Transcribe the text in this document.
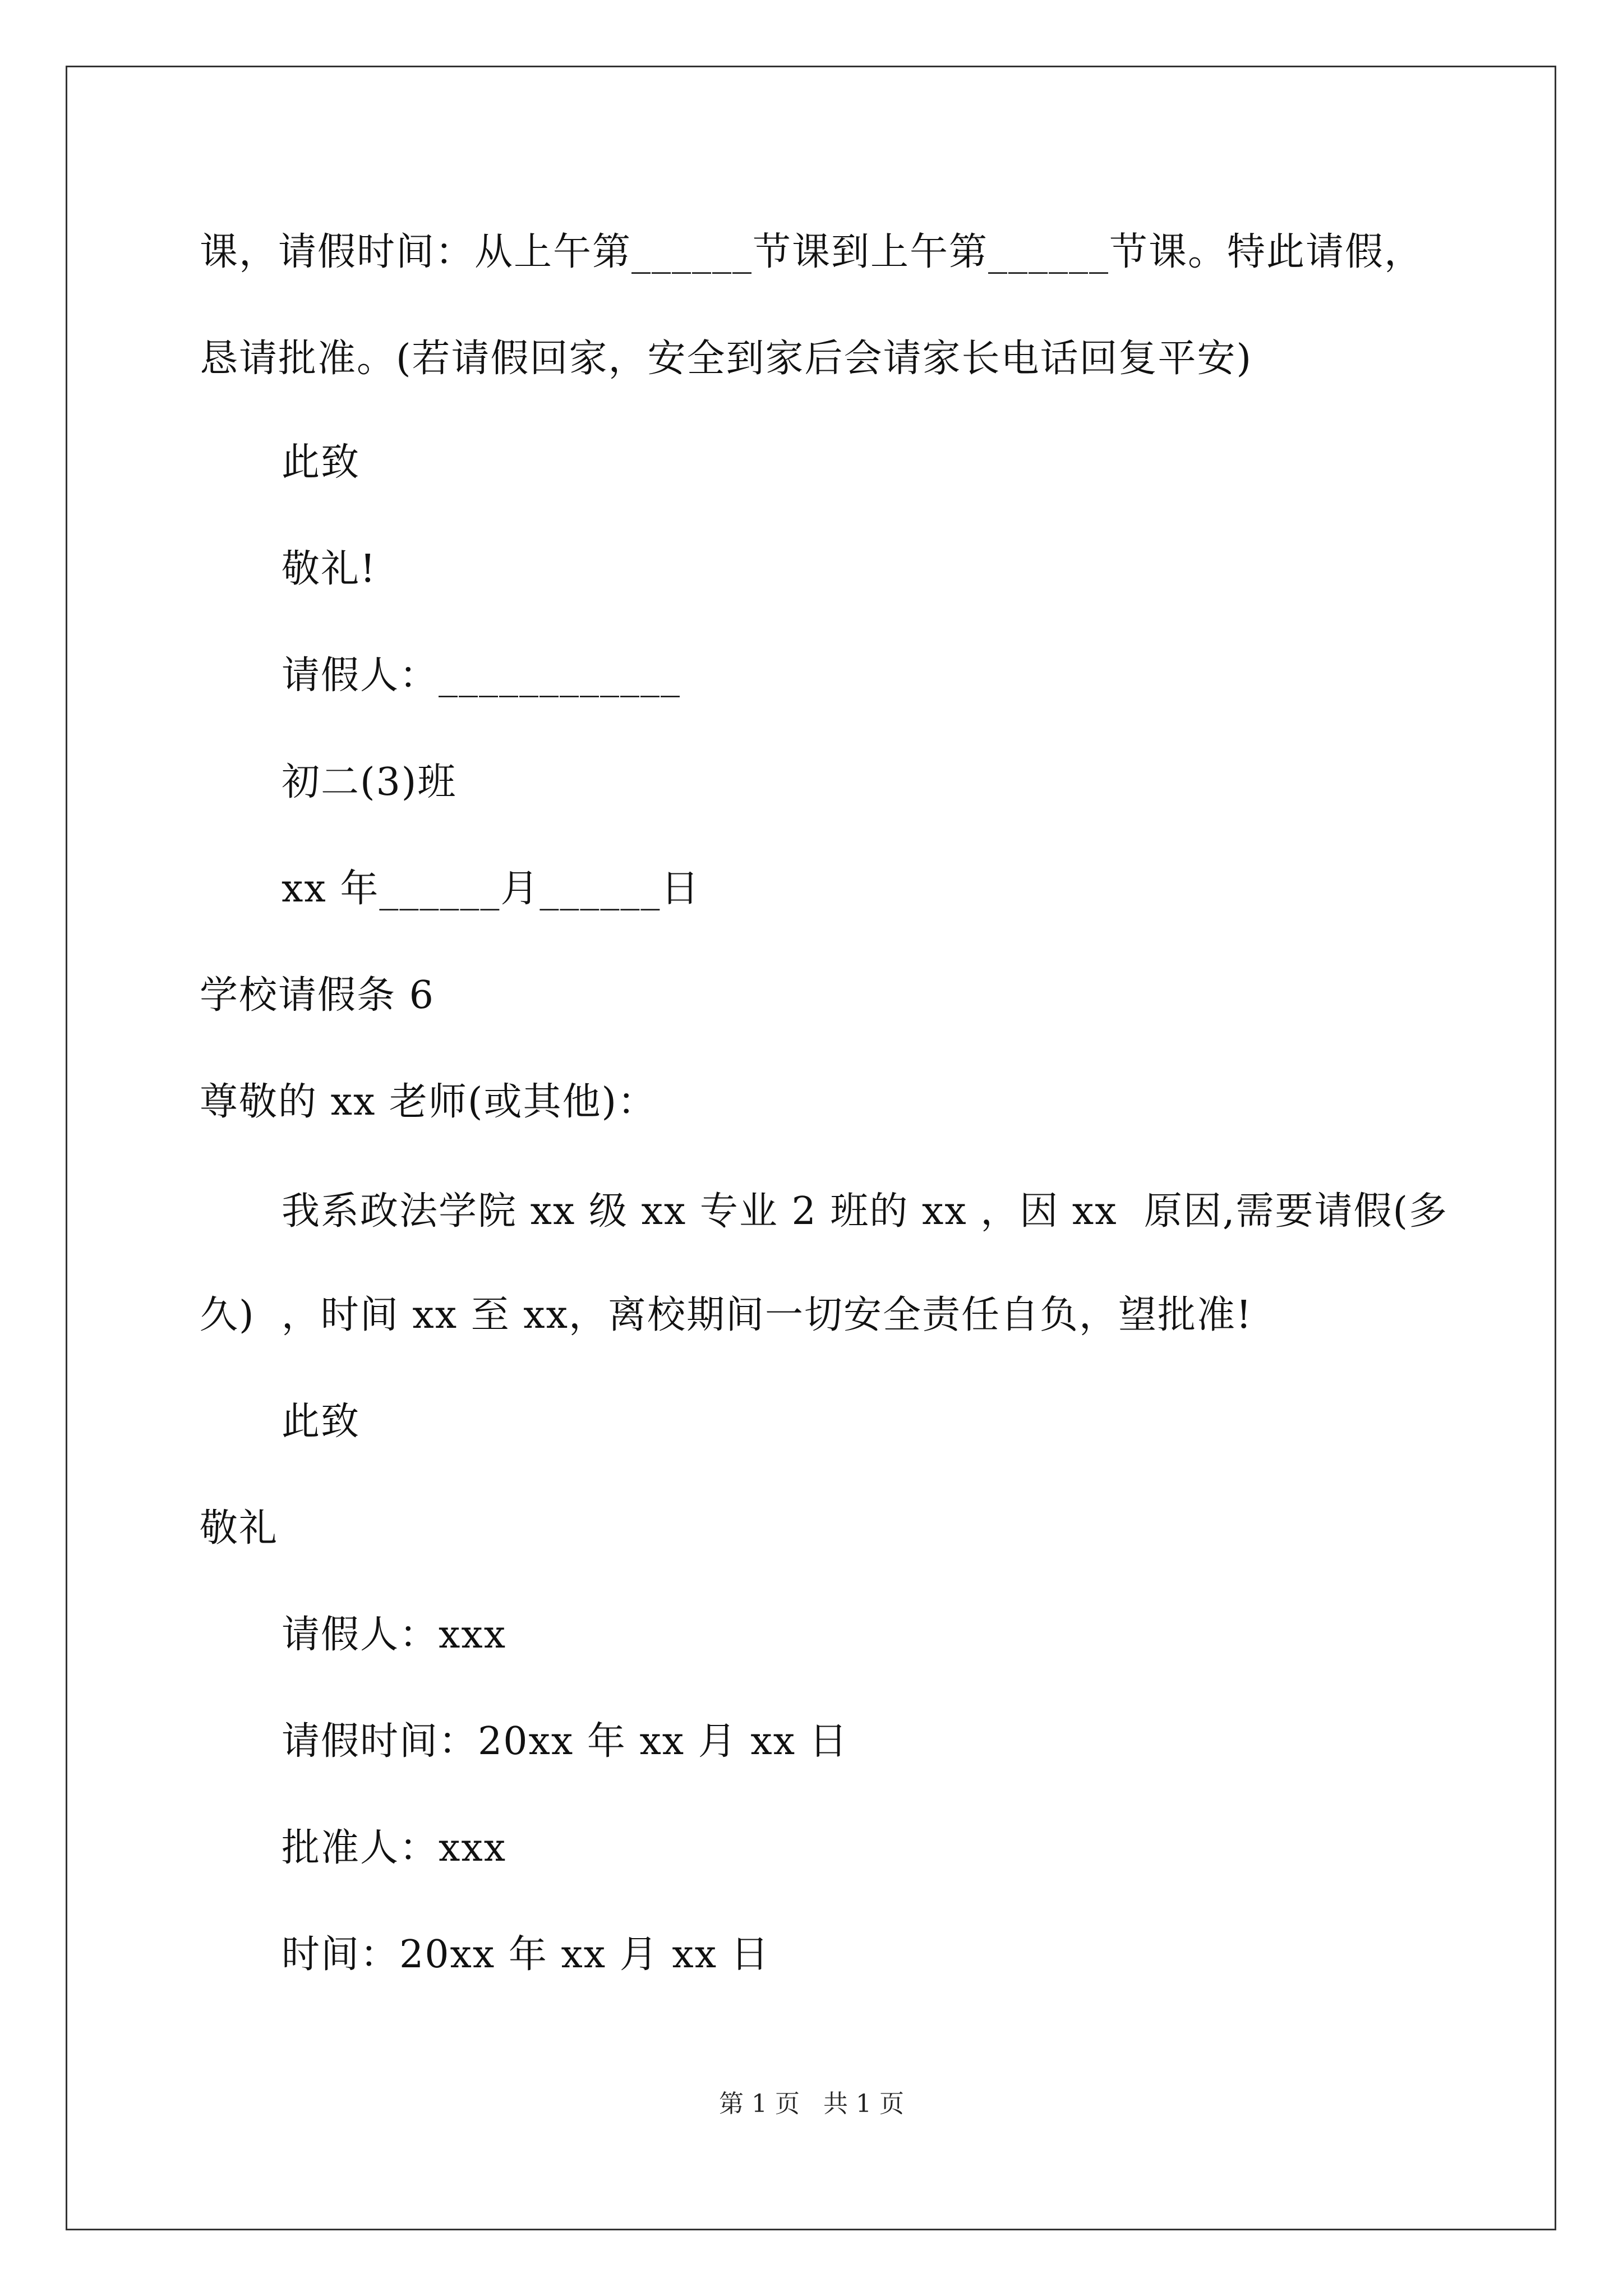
课，请假时间：从上午第______节课到上午第______节课。特此请假，
恳请批准。(若请假回家，安全到家后会请家长电话回复平安)
此致
敬礼!
请假人：____________
初二(3)班
xx 年______月______日
学校请假条 6
尊敬的 xx 老师(或其他)：
我系政法学院 xx 级 xx 专业 2 班的 xx ，因 xx  原因,需要请假(多
久)  ，时间 xx 至 xx，离校期间一切安全责任自负，望批准!
此致
敬礼
请假人：xxx
请假时间：20xx 年 xx 月 xx 日
批准人：xxx
时间：20xx 年 xx 月 xx 日
第 1 页   共 1 页
